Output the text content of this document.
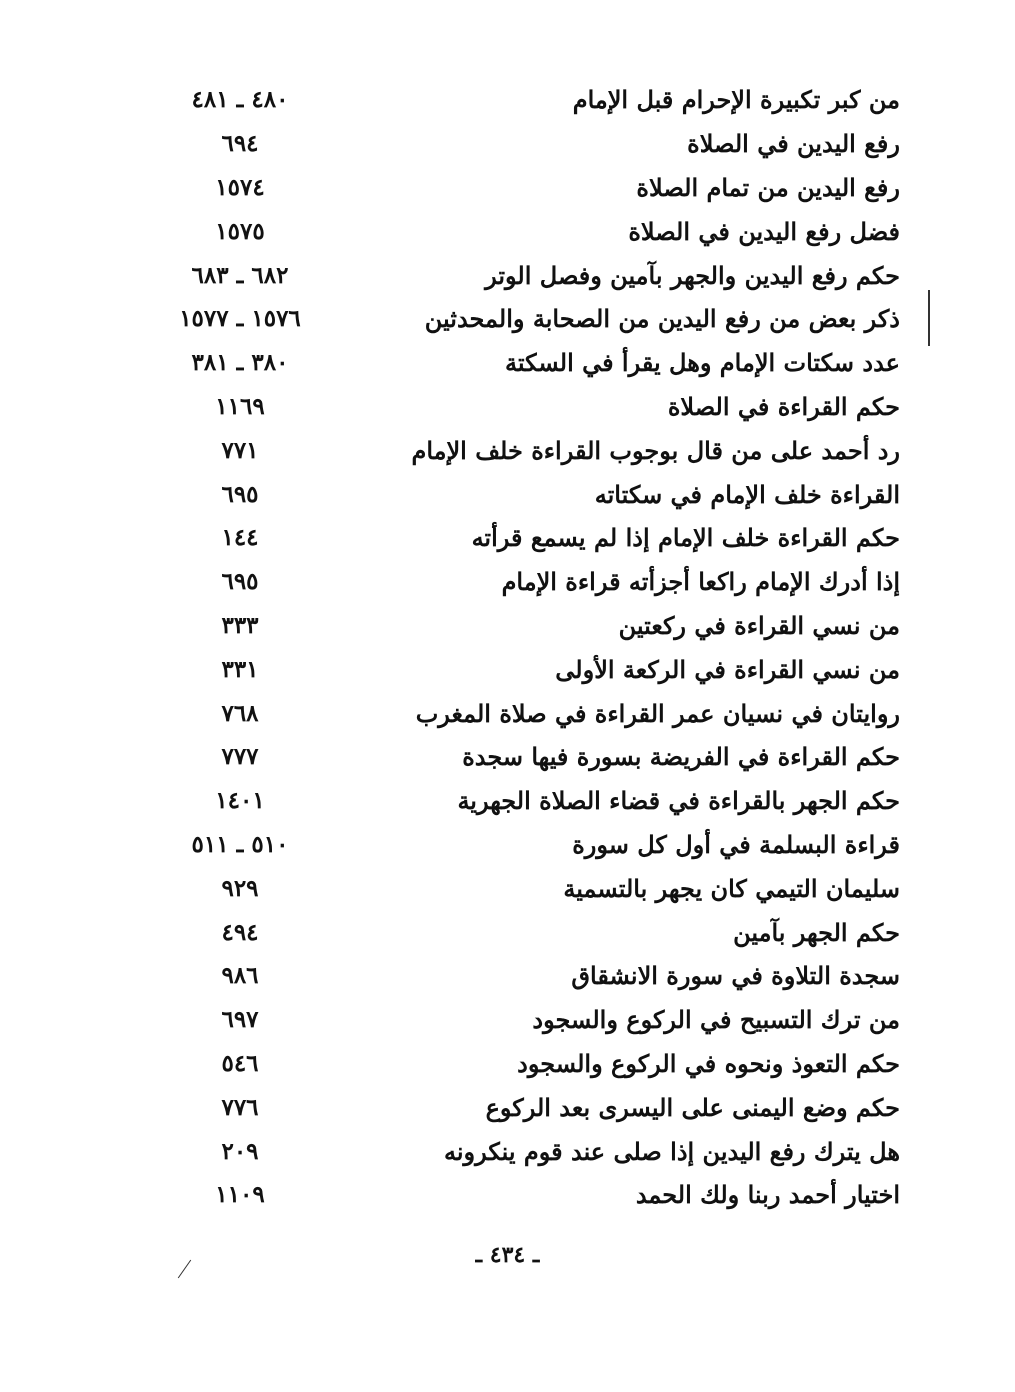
من كبر تكبيرة الإحرام قبل الإمام
٤٨٠ ـ ٤٨١
رفع اليدين في الصلاة
٦٩٤
رفع اليدين من تمام الصلاة
١٥٧٤
فضل رفع اليدين في الصلاة
١٥٧٥
حكم رفع اليدين والجهر بآمين وفصل الوتر
٦٨٢ ـ ٦٨٣
ذكر بعض من رفع اليدين من الصحابة والمحدثين
١٥٧٦ ـ ١٥٧٧
عدد سكتات الإمام وهل يقرأ في السكتة
٣٨٠ ـ ٣٨١
حكم القراءة في الصلاة
١١٦٩
رد أحمد على من قال بوجوب القراءة خلف الإمام
٧٧١
القراءة خلف الإمام في سكتاته
٦٩٥
حكم القراءة خلف الإمام إذا لم يسمع قرأته
١٤٤
إذا أدرك الإمام راكعا أجزأته قراءة الإمام
٦٩٥
من نسي القراءة في ركعتين
٣٣٣
من نسي القراءة في الركعة الأولى
٣٣١
روايتان في نسيان عمر القراءة في صلاة المغرب
٧٦٨
حكم القراءة في الفريضة بسورة فيها سجدة
٧٧٧
حكم الجهر بالقراءة في قضاء الصلاة الجهرية
١٤٠١
قراءة البسلمة في أول كل سورة
٥١٠ ـ ٥١١
سليمان التيمي كان يجهر بالتسمية
٩٢٩
حكم الجهر بآمين
٤٩٤
سجدة التلاوة في سورة الانشقاق
٩٨٦
من ترك التسبيح في الركوع والسجود
٦٩٧
حكم التعوذ ونحوه في الركوع والسجود
٥٤٦
حكم وضع اليمنى على اليسرى بعد الركوع
٧٧٦
هل يترك رفع اليدين إذا صلى عند قوم ينكرونه
٢٠٩
اختيار أحمد ربنا ولك الحمد
١١٠٩
ـ ٤٣٤ ـ
